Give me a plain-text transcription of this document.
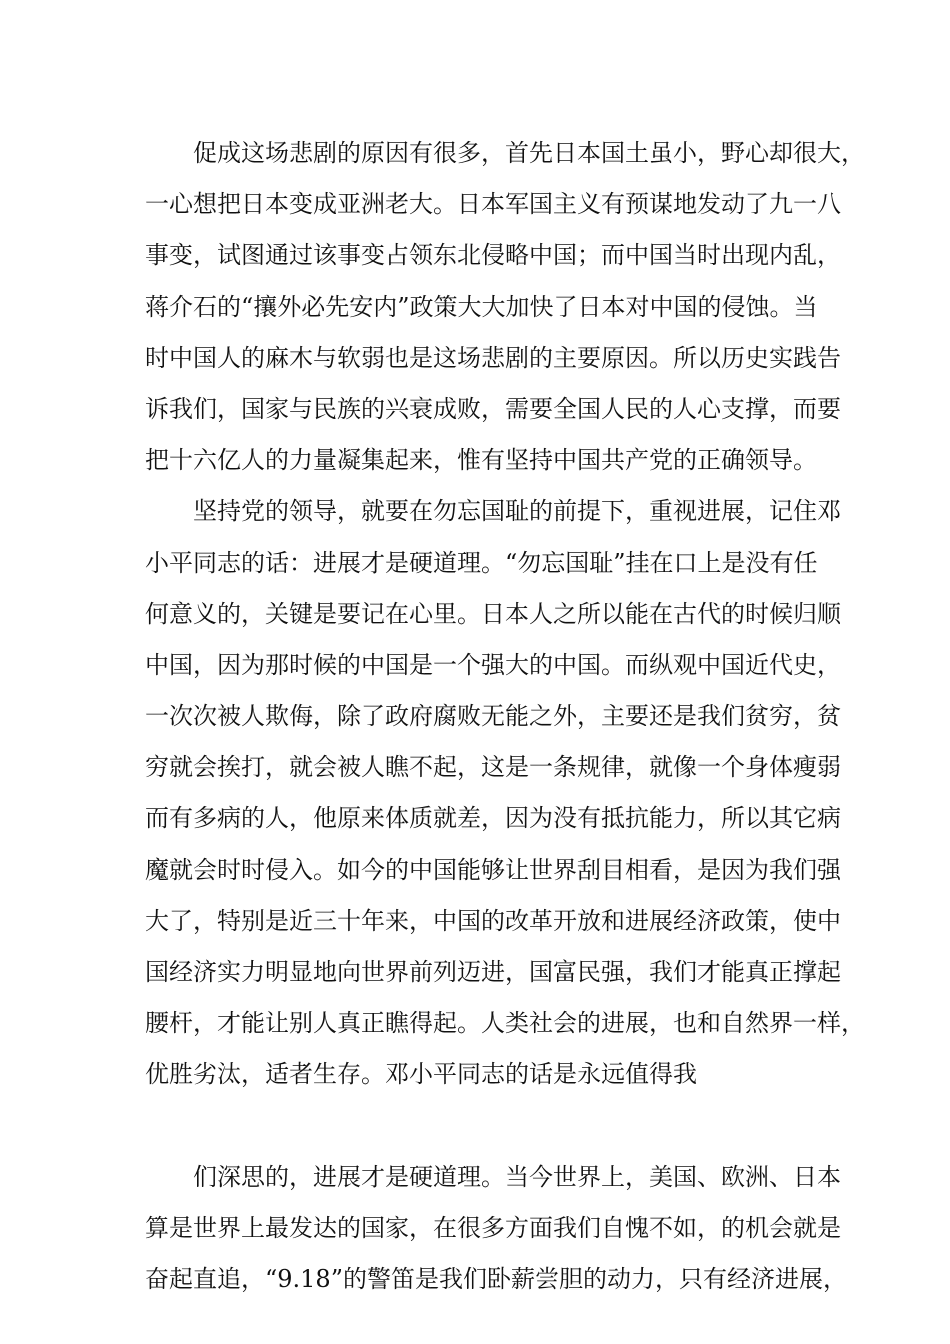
促成这场悲剧的原因有很多，首先日本国土虽小，野心却很大，
一心想把日本变成亚洲老大。日本军国主义有预谋地发动了九一八
事变，试图通过该事变占领东北侵略中国；而中国当时出现内乱，
蒋介石的“攘外必先安内”政策大大加快了日本对中国的侵蚀。当
时中国人的麻木与软弱也是这场悲剧的主要原因。所以历史实践告
诉我们，国家与民族的兴衰成败，需要全国人民的人心支撑，而要
把十六亿人的力量凝集起来，惟有坚持中国共产党的正确领导。
坚持党的领导，就要在勿忘国耻的前提下，重视进展，记住邓
小平同志的话：进展才是硬道理。“勿忘国耻”挂在口上是没有任
何意义的，关键是要记在心里。日本人之所以能在古代的时候归顺
中国，因为那时候的中国是一个强大的中国。而纵观中国近代史，
一次次被人欺侮，除了政府腐败无能之外，主要还是我们贫穷，贫
穷就会挨打，就会被人瞧不起，这是一条规律，就像一个身体瘦弱
而有多病的人，他原来体质就差，因为没有抵抗能力，所以其它病
魔就会时时侵入。如今的中国能够让世界刮目相看，是因为我们强
大了，特别是近三十年来，中国的改革开放和进展经济政策，使中
国经济实力明显地向世界前列迈进，国富民强，我们才能真正撑起
腰杆，才能让别人真正瞧得起。人类社会的进展，也和自然界一样，
优胜劣汰，适者生存。邓小平同志的话是永远值得我
们深思的，进展才是硬道理。当今世界上，美国、欧洲、日本
算是世界上最发达的国家，在很多方面我们自愧不如，的机会就是
奋起直追，“9.18”的警笛是我们卧薪尝胆的动力，只有经济进展，
